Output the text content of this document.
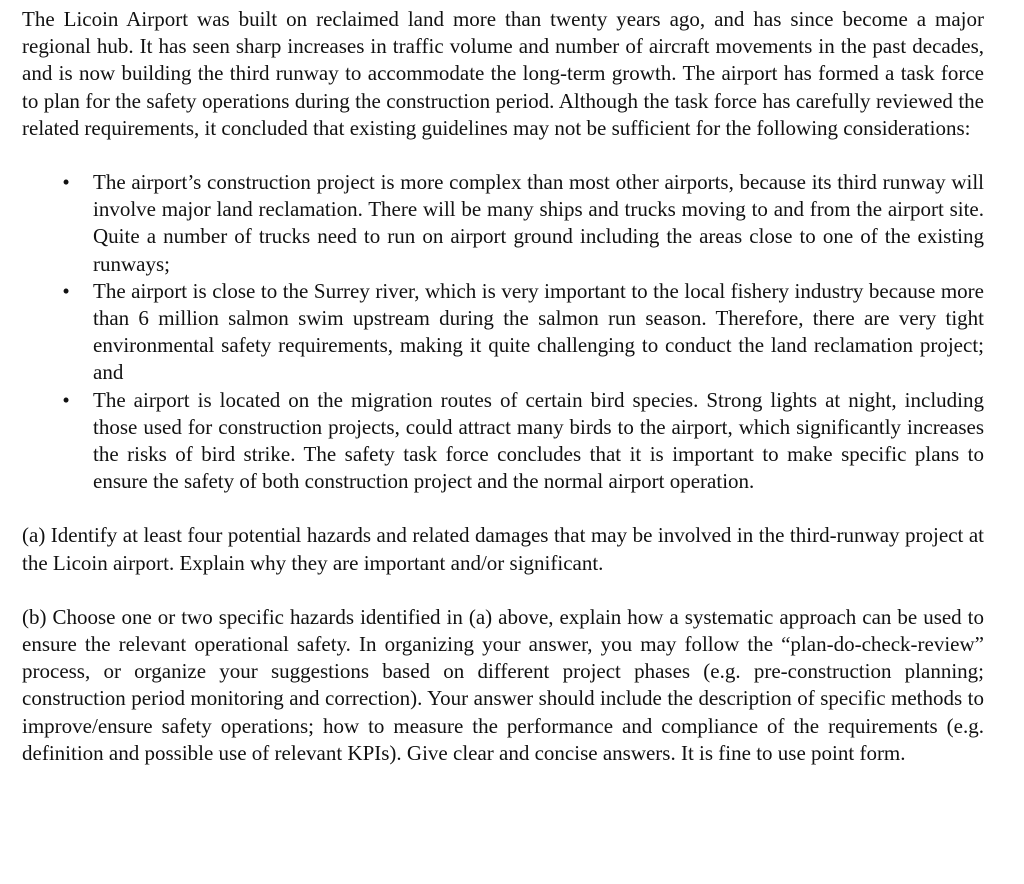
The Licoin Airport was built on reclaimed land more than twenty years ago, and has since become a major regional hub. It has seen sharp increases in traffic volume and number of aircraft movements in the past decades, and is now building the third runway to accommodate the long-term growth. The airport has formed a task force to plan for the safety operations during the construction period. Although the task force has carefully reviewed the related requirements, it concluded that existing guidelines may not be sufficient for the following considerations:

•	The airport’s construction project is more complex than most other airports, because its third runway will involve major land reclamation. There will be many ships and trucks moving to and from the airport site. Quite a number of trucks need to run on airport ground including the areas close to one of the existing runways;
•	The airport is close to the Surrey river, which is very important to the local fishery industry because more than 6 million salmon swim upstream during the salmon run season. Therefore, there are very tight environmental safety requirements, making it quite challenging to conduct the land reclamation project; and
•	The airport is located on the migration routes of certain bird species. Strong lights at night, including those used for construction projects, could attract many birds to the airport, which significantly increases the risks of bird strike. The safety task force concludes that it is important to make specific plans to ensure the safety of both construction project and the normal airport operation.

(a) Identify at least four potential hazards and related damages that may be involved in the third-runway project at the Licoin airport. Explain why they are important and/or significant.

(b) Choose one or two specific hazards identified in (a) above, explain how a systematic approach can be used to ensure the relevant operational safety. In organizing your answer, you may follow the “plan-do-check-review” process, or organize your suggestions based on different project phases (e.g. pre-construction planning; construction period monitoring and correction). Your answer should include the description of specific methods to improve/ensure safety operations; how to measure the performance and compliance of the requirements (e.g. definition and possible use of relevant KPIs). Give clear and concise answers. It is fine to use point form.
